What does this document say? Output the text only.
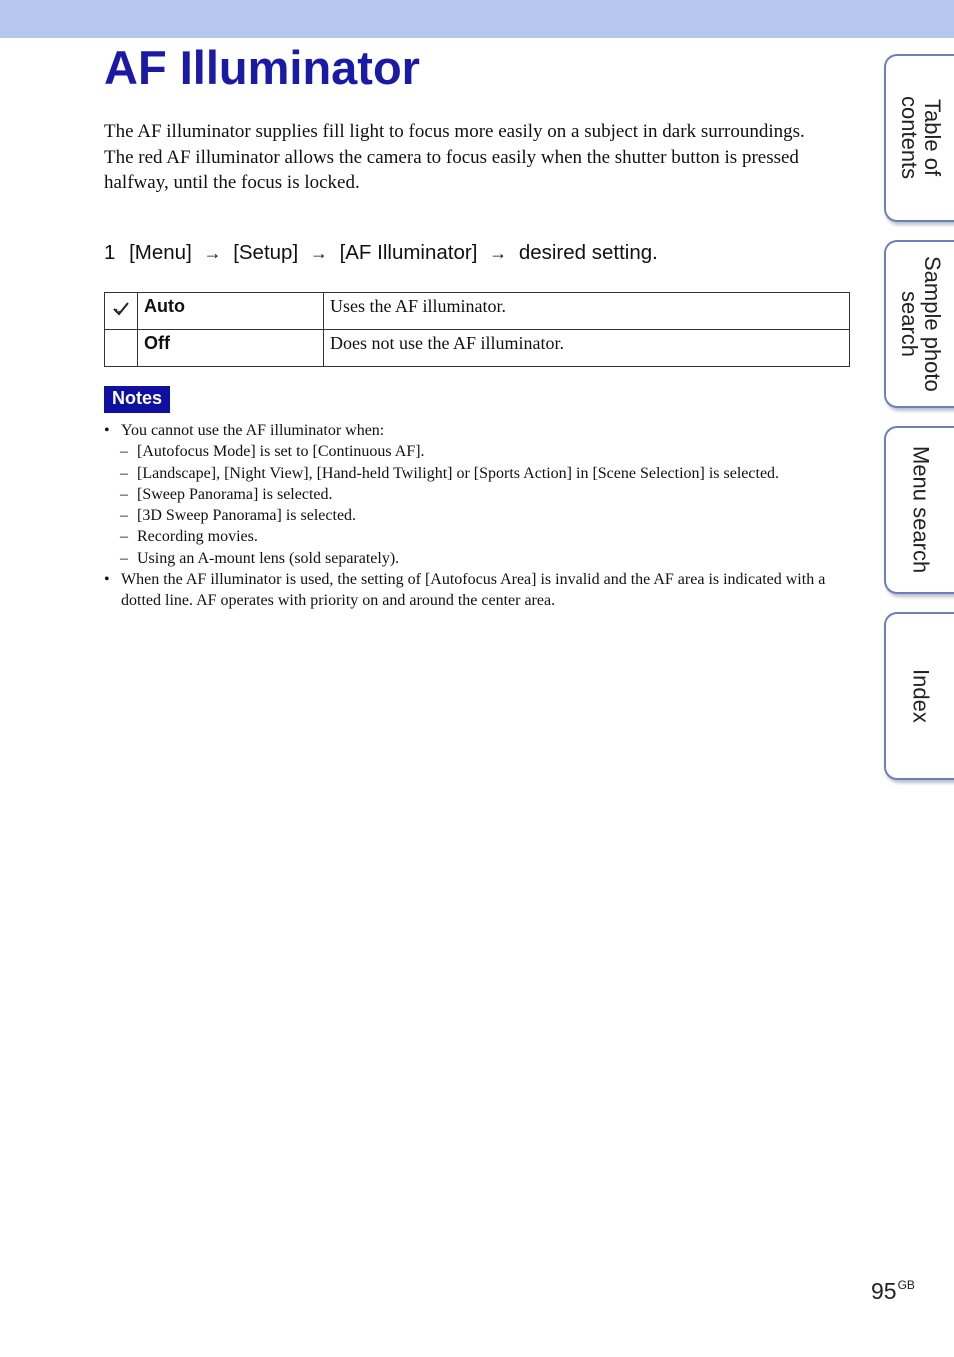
AF Illuminator

The AF illuminator supplies fill light to focus more easily on a subject in dark surroundings.

The red AF illuminator allows the camera to focus easily when the shutter button is pressed halfway, until the focus is locked.

1 [Menu] → [Setup] → [AF Illuminator] → desired setting.
	Auto	Uses the AF illuminator.
	Off	Does not use the AF illuminator.
Notes
• You cannot use the AF illuminator when:
– [Autofocus Mode] is set to [Continuous AF].
– [Landscape], [Night View], [Hand-held Twilight] or [Sports Action] in [Scene Selection] is selected.
– [Sweep Panorama] is selected.
– [3D Sweep Panorama] is selected.
– Recording movies.
– Using an A-mount lens (sold separately).
• When the AF illuminator is used, the setting of [Autofocus Area] is invalid and the AF area is indicated with a dotted line. AF operates with priority on and around the center area.
Table of
contents
Sample photo
search
Menu search
Index
$95^{GB}$
